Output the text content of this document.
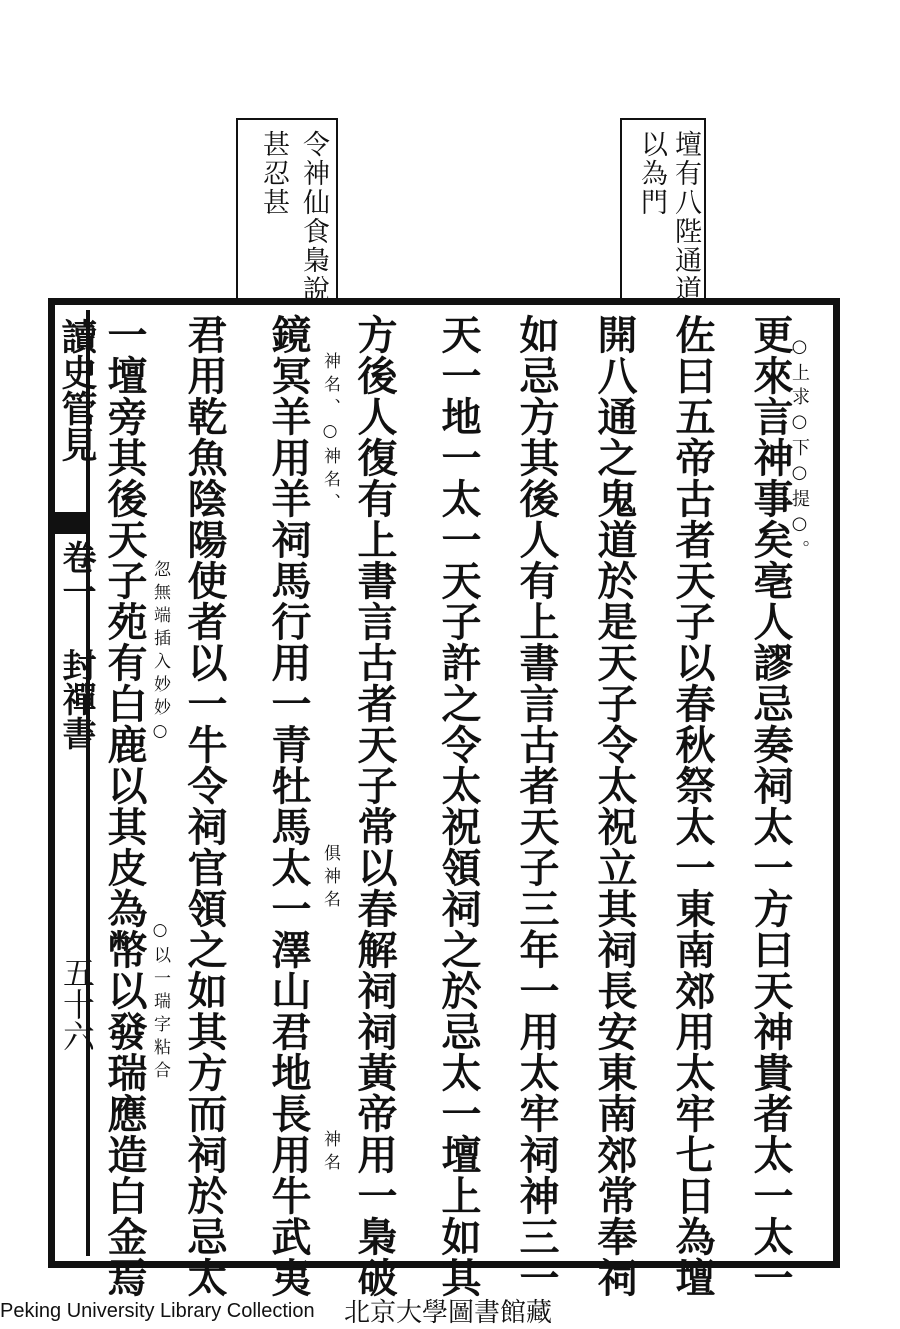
壇有八陛通道
以為門
令神仙食梟說
甚忍甚
讀史管見
卷一 封禪書
五十六
○上求○下○提○。
更來言神事矣亳人謬忌奏祠太一方曰天神貴者太一太一
佐曰五帝古者天子以春秋祭太一東南郊用太牢七日為壇
開八通之鬼道於是天子令太祝立其祠長安東南郊常奉祠
如忌方其後人有上書言古者天子三年一用太牢祠神三一
天一地一太一天子許之令太祝領祠之於忌太一壇上如其
方後人復有上書言古者天子常以春解祠祠黃帝用一梟破
鏡冥羊用羊祠馬行用一青牡馬太一澤山君地長用牛武夷
君用乾魚陰陽使者以一牛令祠官領之如其方而祠於忌太
一壇旁其後天子苑有白鹿以其皮為幣以發瑞應造白金焉	神名、○神名、
俱神名
神名
忽無端插入妙妙○
○以一瑞字粘合
Peking University Library Collection 北京大學圖書館藏
